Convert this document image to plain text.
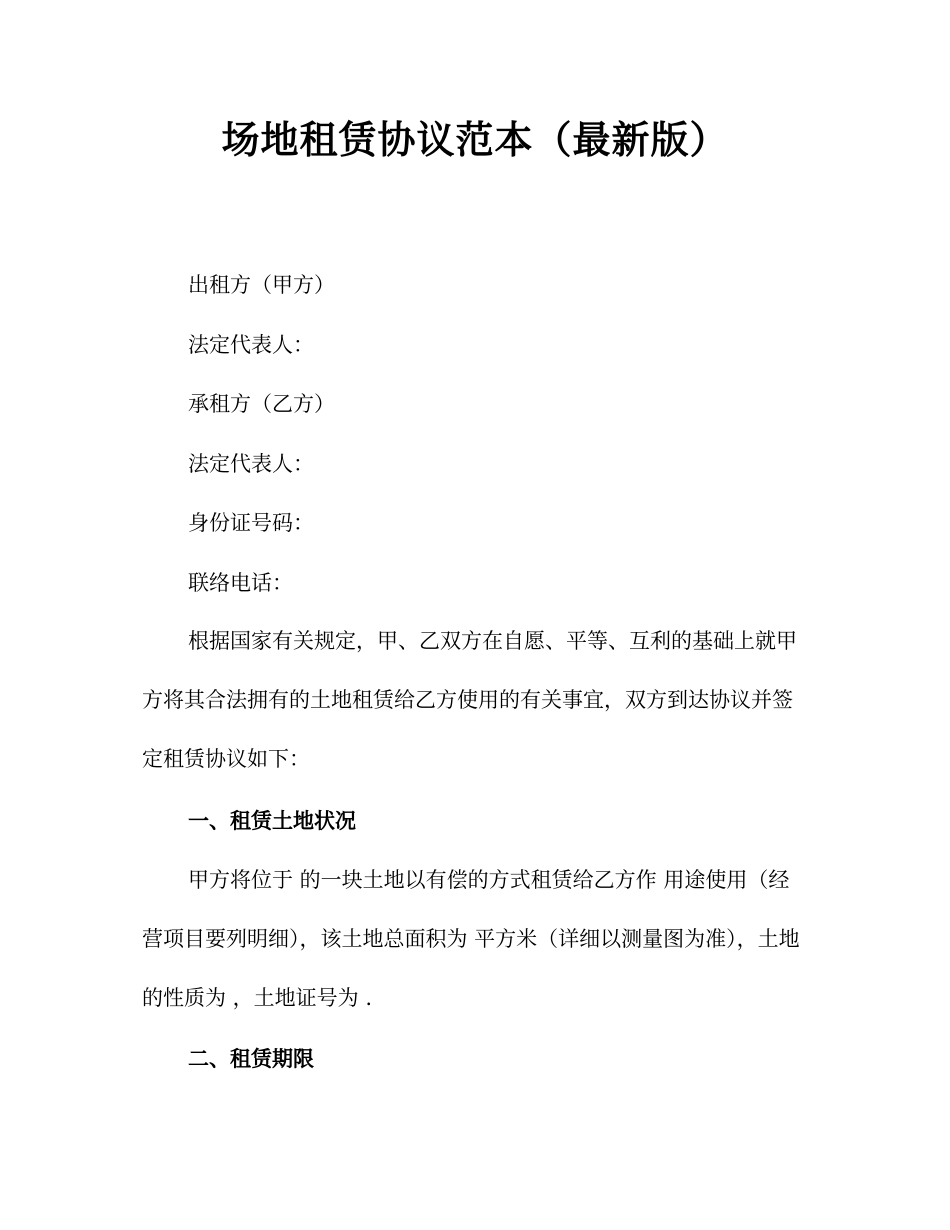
场地租赁协议范本（最新版）

出租方（甲方）

法定代表人：

承租方（乙方）

法定代表人：

身份证号码：

联络电话：

根据国家有关规定，甲、乙双方在自愿、平等、互利的基础上就甲方将其合法拥有的土地租赁给乙方使用的有关事宜，双方到达协议并签定租赁协议如下：

一、租赁土地状况

甲方将位于 的一块土地以有偿的方式租赁给乙方作 用途使用（经营项目要列明细），该土地总面积为 平方米（详细以测量图为准），土地的性质为 ，土地证号为 .

二、租赁期限
